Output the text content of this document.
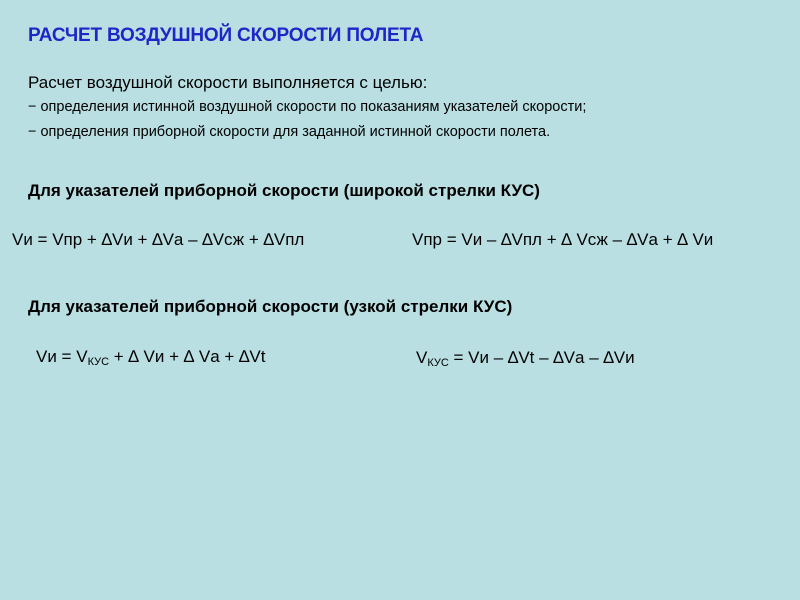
РАСЧЕТ ВОЗДУШНОЙ СКОРОСТИ ПОЛЕТА
Расчет воздушной скорости выполняется с целью:
− определения истинной воздушной скорости по показаниям указателей скорости;
− определения приборной скорости для заданной истинной скорости полета.
Для указателей приборной скорости (широкой стрелки КУС)
Vи = Vпр + ∆Vи + ∆Vа – ∆Vсж + ∆Vпл	Vпр = Vи – ∆Vпл + ∆ Vсж – ∆Vа + ∆ Vи
Для указателей приборной скорости (узкой стрелки КУС)
Vи = VКУС + ∆ Vи + ∆ Vа + ∆Vt	VКУС = Vи – ∆Vt – ∆Vа – ∆Vи
